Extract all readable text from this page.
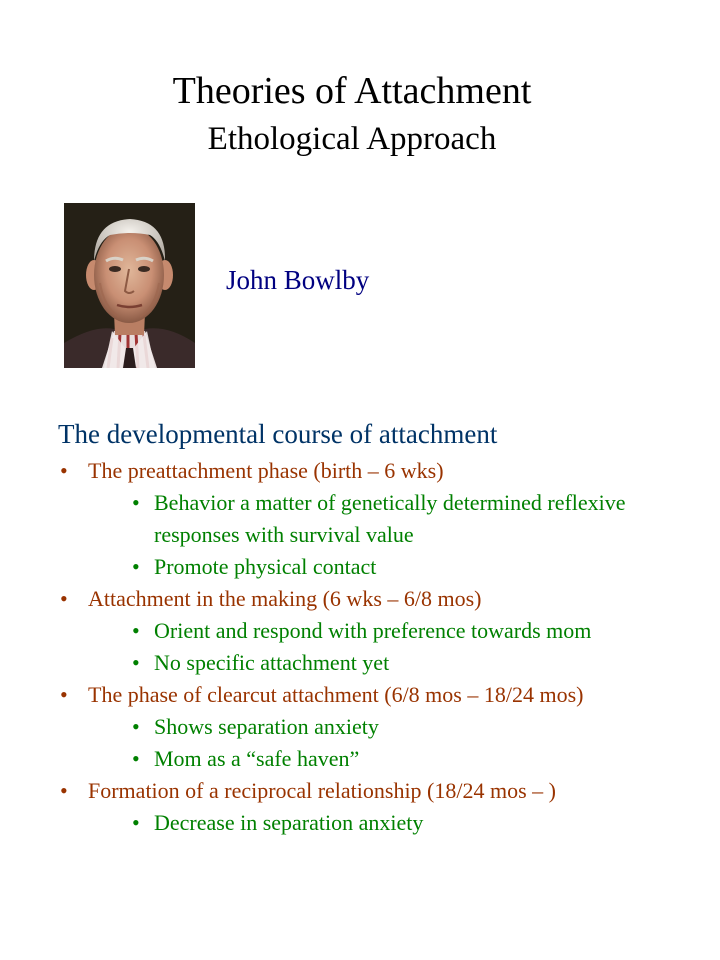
Theories of Attachment
Ethological Approach
John Bowlby
The developmental course of attachment
• The preattachment phase (birth – 6 wks)
• Behavior a matter of genetically determined reflexive responses with survival value
• Promote physical contact
• Attachment in the making (6 wks – 6/8 mos)
• Orient and respond with preference towards mom
• No specific attachment yet
• The phase of clearcut attachment (6/8 mos – 18/24 mos)
• Shows separation anxiety
• Mom as a “safe haven”
• Formation of a reciprocal relationship (18/24 mos – )
• Decrease in separation anxiety
